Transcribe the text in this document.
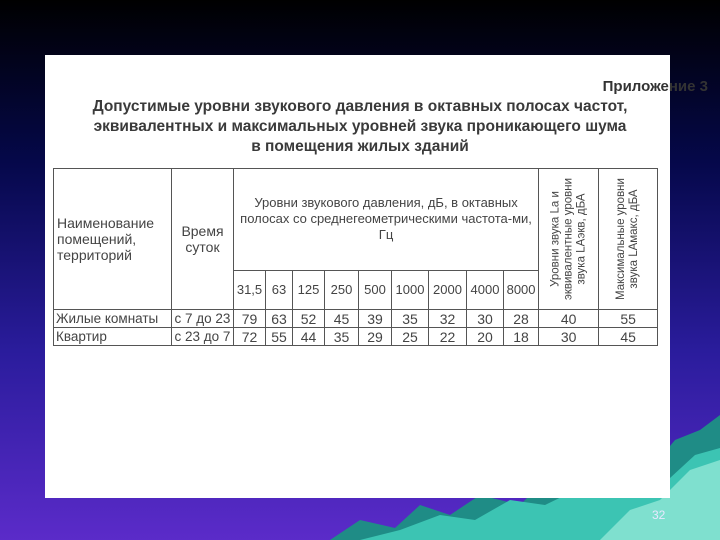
Приложение 3
Допустимые уровни звукового давления в октавных полосах частот,
эквивалентных и максимальных уровней звука проникающего шума
в помещения жилых зданий
Наименование помещений, территорий	Время суток	Уровни звукового давления, дБ, в октавных полосах со среднегеометрическими частота-ми, Гц									Уровни звука Lа и эквивалентные уровни звука LАэкв, дБА	Максимальные уровни звука LАмакс, дБА

		31,5	63	125	250	500	1000	2000	4000	8000		
Жилые комнаты	с 7 до 23	79	63	52	45	39	35	32	30	28	40	55
Квартир	с 23 до 7	72	55	44	35	29	25	22	20	18	30	45
32
